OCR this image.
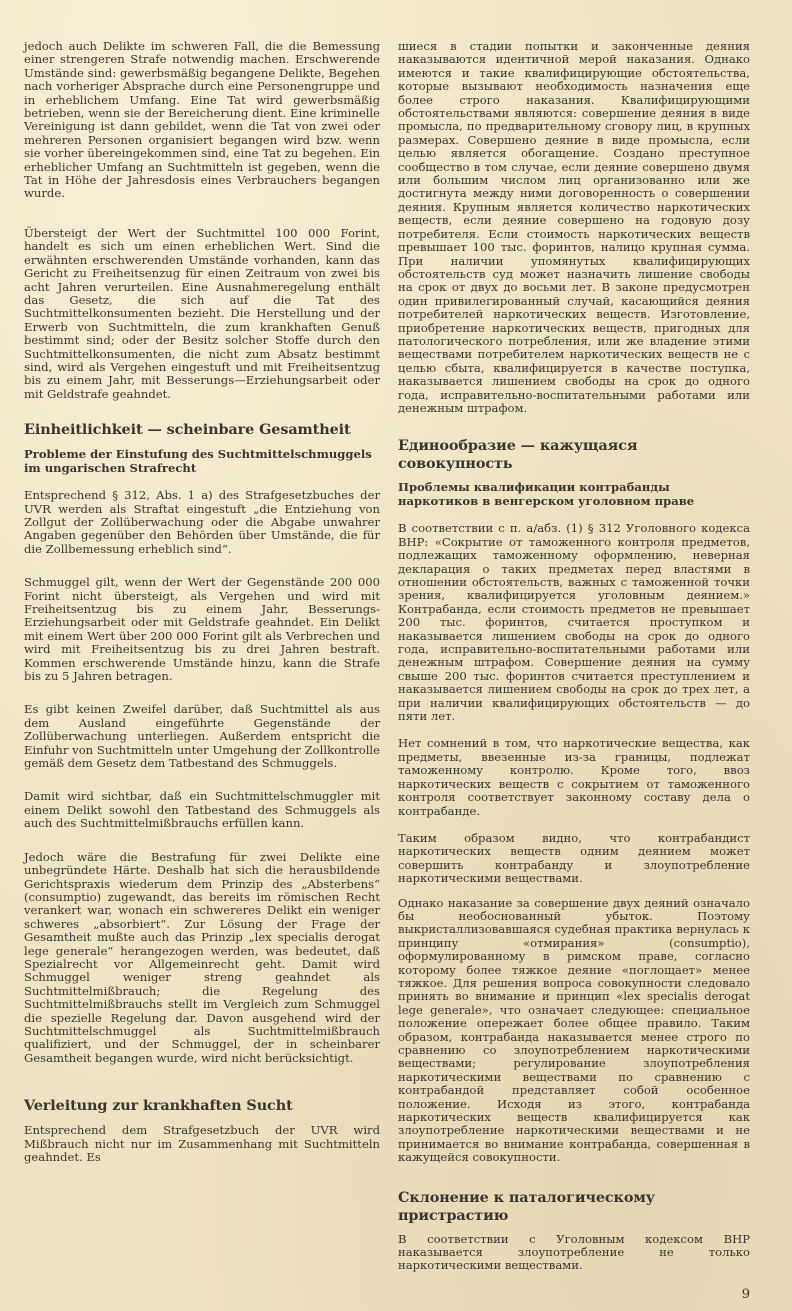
jedoch auch Delikte im schweren Fall, die die Bemessung einer strengeren Strafe notwendig machen. Erschwerende Umstände sind: gewerbsmäßig begangene Delikte, Begehen nach vorheriger Absprache durch eine Personengruppe und in erheblichem Umfang. Eine Tat wird gewerbsmäßig betrieben, wenn sie der Bereicherung dient. Eine kriminelle Vereinigung ist dann gebildet, wenn die Tat von zwei oder mehreren Personen organisiert begangen wird bzw. wenn sie vorher übereingekommen sind, eine Tat zu begehen. Ein erheblicher Umfang an Suchtmitteln ist gegeben, wenn die Tat in Höhe der Jahresdosis eines Verbrauchers begangen wurde.

Übersteigt der Wert der Suchtmittel 100 000 Forint, handelt es sich um einen erheblichen Wert. Sind die erwähnten erschwerenden Umstände vorhanden, kann das Gericht zu Freiheitsenzug für einen Zeitraum von zwei bis acht Jahren verurteilen. Eine Ausnahmeregelung enthält das Gesetz, die sich auf die Tat des Suchtmittelkonsumenten bezieht. Die Herstellung und der Erwerb von Suchtmitteln, die zum krankhaften Genuß bestimmt sind; oder der Besitz solcher Stoffe durch den Suchtmittelkonsumenten, die nicht zum Absatz bestimmt sind, wird als Vergehen eingestuft und mit Freiheitsentzug bis zu einem Jahr, mit Besserungs—Erziehungsarbeit oder mit Geldstrafe geahndet.

Einheitlichkeit — scheinbare Gesamtheit
Probleme der Einstufung des Suchtmittelschmuggels im ungarischen Strafrecht

Entsprechend § 312, Abs. 1 a) des Strafgesetzbuches der UVR werden als Straftat eingestuft „die Entziehung von Zollgut der Zollüberwachung oder die Abgabe unwahrer Angaben gegenüber den Behörden über Umstände, die für die Zollbemessung erheblich sind“.

Schmuggel gilt, wenn der Wert der Gegenstände 200 000 Forint nicht übersteigt, als Vergehen und wird mit Freiheitsentzug bis zu einem Jahr, Besserungs-Erziehungsarbeit oder mit Geldstrafe geahndet. Ein Delikt mit einem Wert über 200 000 Forint gilt als Verbrechen und wird mit Freiheitsentzug bis zu drei Jahren bestraft. Kommen erschwerende Umstände hinzu, kann die Strafe bis zu 5 Jahren betragen.

Es gibt keinen Zweifel darüber, daß Suchtmittel als aus dem Ausland eingeführte Gegenstände der Zollüberwachung unterliegen. Außerdem entspricht die Einfuhr von Suchtmitteln unter Umgehung der Zollkontrolle gemäß dem Gesetz dem Tatbestand des Schmuggels.

Damit wird sichtbar, daß ein Suchtmittelschmuggler mit einem Delikt sowohl den Tatbestand des Schmuggels als auch des Suchtmittelmißbrauchs erfüllen kann.

Jedoch wäre die Bestrafung für zwei Delikte eine unbegründete Härte. Deshalb hat sich die herausbildende Gerichtspraxis wiederum dem Prinzip des „Absterbens“ (consumptio) zugewandt, das bereits im römischen Recht verankert war, wonach ein schwereres Delikt ein weniger schweres „absorbiert“. Zur Lösung der Frage der Gesamtheit mußte auch das Prinzip „lex specialis derogat lege generale“ herangezogen werden, was bedeutet, daß Spezialrecht vor Allgemeinrecht geht. Damit wird Schmuggel weniger streng geahndet als Suchtmittelmißbrauch; die Regelung des Suchtmittelmißbrauchs stellt im Vergleich zum Schmuggel die spezielle Regelung dar. Davon ausgehend wird der Suchtmittelschmuggel als Suchtmittelmißbrauch qualifiziert, und der Schmuggel, der in scheinbarer Gesamtheit begangen wurde, wird nicht berücksichtigt.

Verleitung zur krankhaften Sucht

Entsprechend dem Strafgesetzbuch der UVR wird Mißbrauch nicht nur im Zusammenhang mit Suchtmitteln geahndet. Es

шиеся в стадии попытки и законченные деяния наказываются идентичной мерой наказания. Однако имеются и такие квалифицирующие обстоятельства, которые вызывают необходимость назначения еще более строго наказания. Квалифицирующими обстоятельствами являются: совершение деяния в виде промысла, по предварительному сговору лиц, в крупных размерах. Совершено деяние в виде промысла, если целью является обогащение. Создано преступное сообщество в том случае, если деяние совершено двумя или большим числом лиц организованно или же достигнута между ними договоренность о совершении деяния. Крупным является количество наркотических веществ, если деяние совершено на годовую дозу потребителя. Если стоимость наркотических веществ превышает 100 тыс. форинтов, налицо крупная сумма. При наличии упомянутых квалифицирующих обстоятельств суд может назначить лишение свободы на срок от двух до восьми лет. В законе предусмотрен один привилегированный случай, касающийся деяния потребителей наркотических веществ. Изготовление, приобретение наркотических веществ, пригодных для патологического потребления, или же владение этими веществами потребителем наркотических веществ не с целью сбыта, квалифицируется в качестве поступка, наказывается лишением свободы на срок до одного года, исправительно-воспитательными работами или денежным штрафом.

Единообразие — кажущаяся совокупность
Проблемы квалификации контрабанды наркотиков в венгерском уголовном праве

В соответствии с п. а/абз. (1) § 312 Уголовного кодекса ВНР: «Сокрытие от таможенного контроля предметов, подлежащих таможенному оформлению, неверная декларация о таких предметах перед властями в отношении обстоятельств, важных с таможенной точки зрения, квалифицируется уголовным деянием.» Контрабанда, если стоимость предметов не превышает 200 тыс. форинтов, считается проступком и наказывается лишением свободы на срок до одного года, исправительно-воспитательными работами или денежным штрафом. Совершение деяния на сумму свыше 200 тыс. форинтов считается преступлением и наказывается лишением свободы на срок до трех лет, а при наличии квалифицирующих обстоятельств — до пяти лет.

Нет сомнений в том, что наркотические вещества, как предметы, ввезенные из-за границы, подлежат таможенному контролю. Кроме того, ввоз наркотических веществ с сокрытием от таможенного контроля соответствует законному составу дела о контрабанде.

Таким образом видно, что контрабандист наркотических веществ одним деянием может совершить контрабанду и злоупотребление наркотическими веществами.

Однако наказание за совершение двух деяний означало бы необоснованный убыток. Поэтому выкристаллизовавшаяся судебная практика вернулась к принципу «отмирания» (consumptio), оформулированному в римском праве, согласно которому более тяжкое деяние «поглощает» менее тяжкое. Для решения вопроса совокупности следовало принять во внимание и принцип «lex specialis derogat lege generale», что означает следующее: специальное положение опережает более общее правило. Таким образом, контрабанда наказывается менее строго по сравнению со злоупотреблением наркотическими веществами; регулирование злоупотребления наркотическими веществами по сравнению с контрабандой представляет собой особенное положение. Исходя из этого, контрабанда наркотических веществ квалифицируется как злоупотребление наркотическими веществами и не принимается во внимание контрабанда, совершенная в кажущейся совокупности.

Склонение к паталогическому пристрастию

В соответствии с Уголовным кодексом ВНР наказывается злоупотребление не только наркотическими веществами.

9
